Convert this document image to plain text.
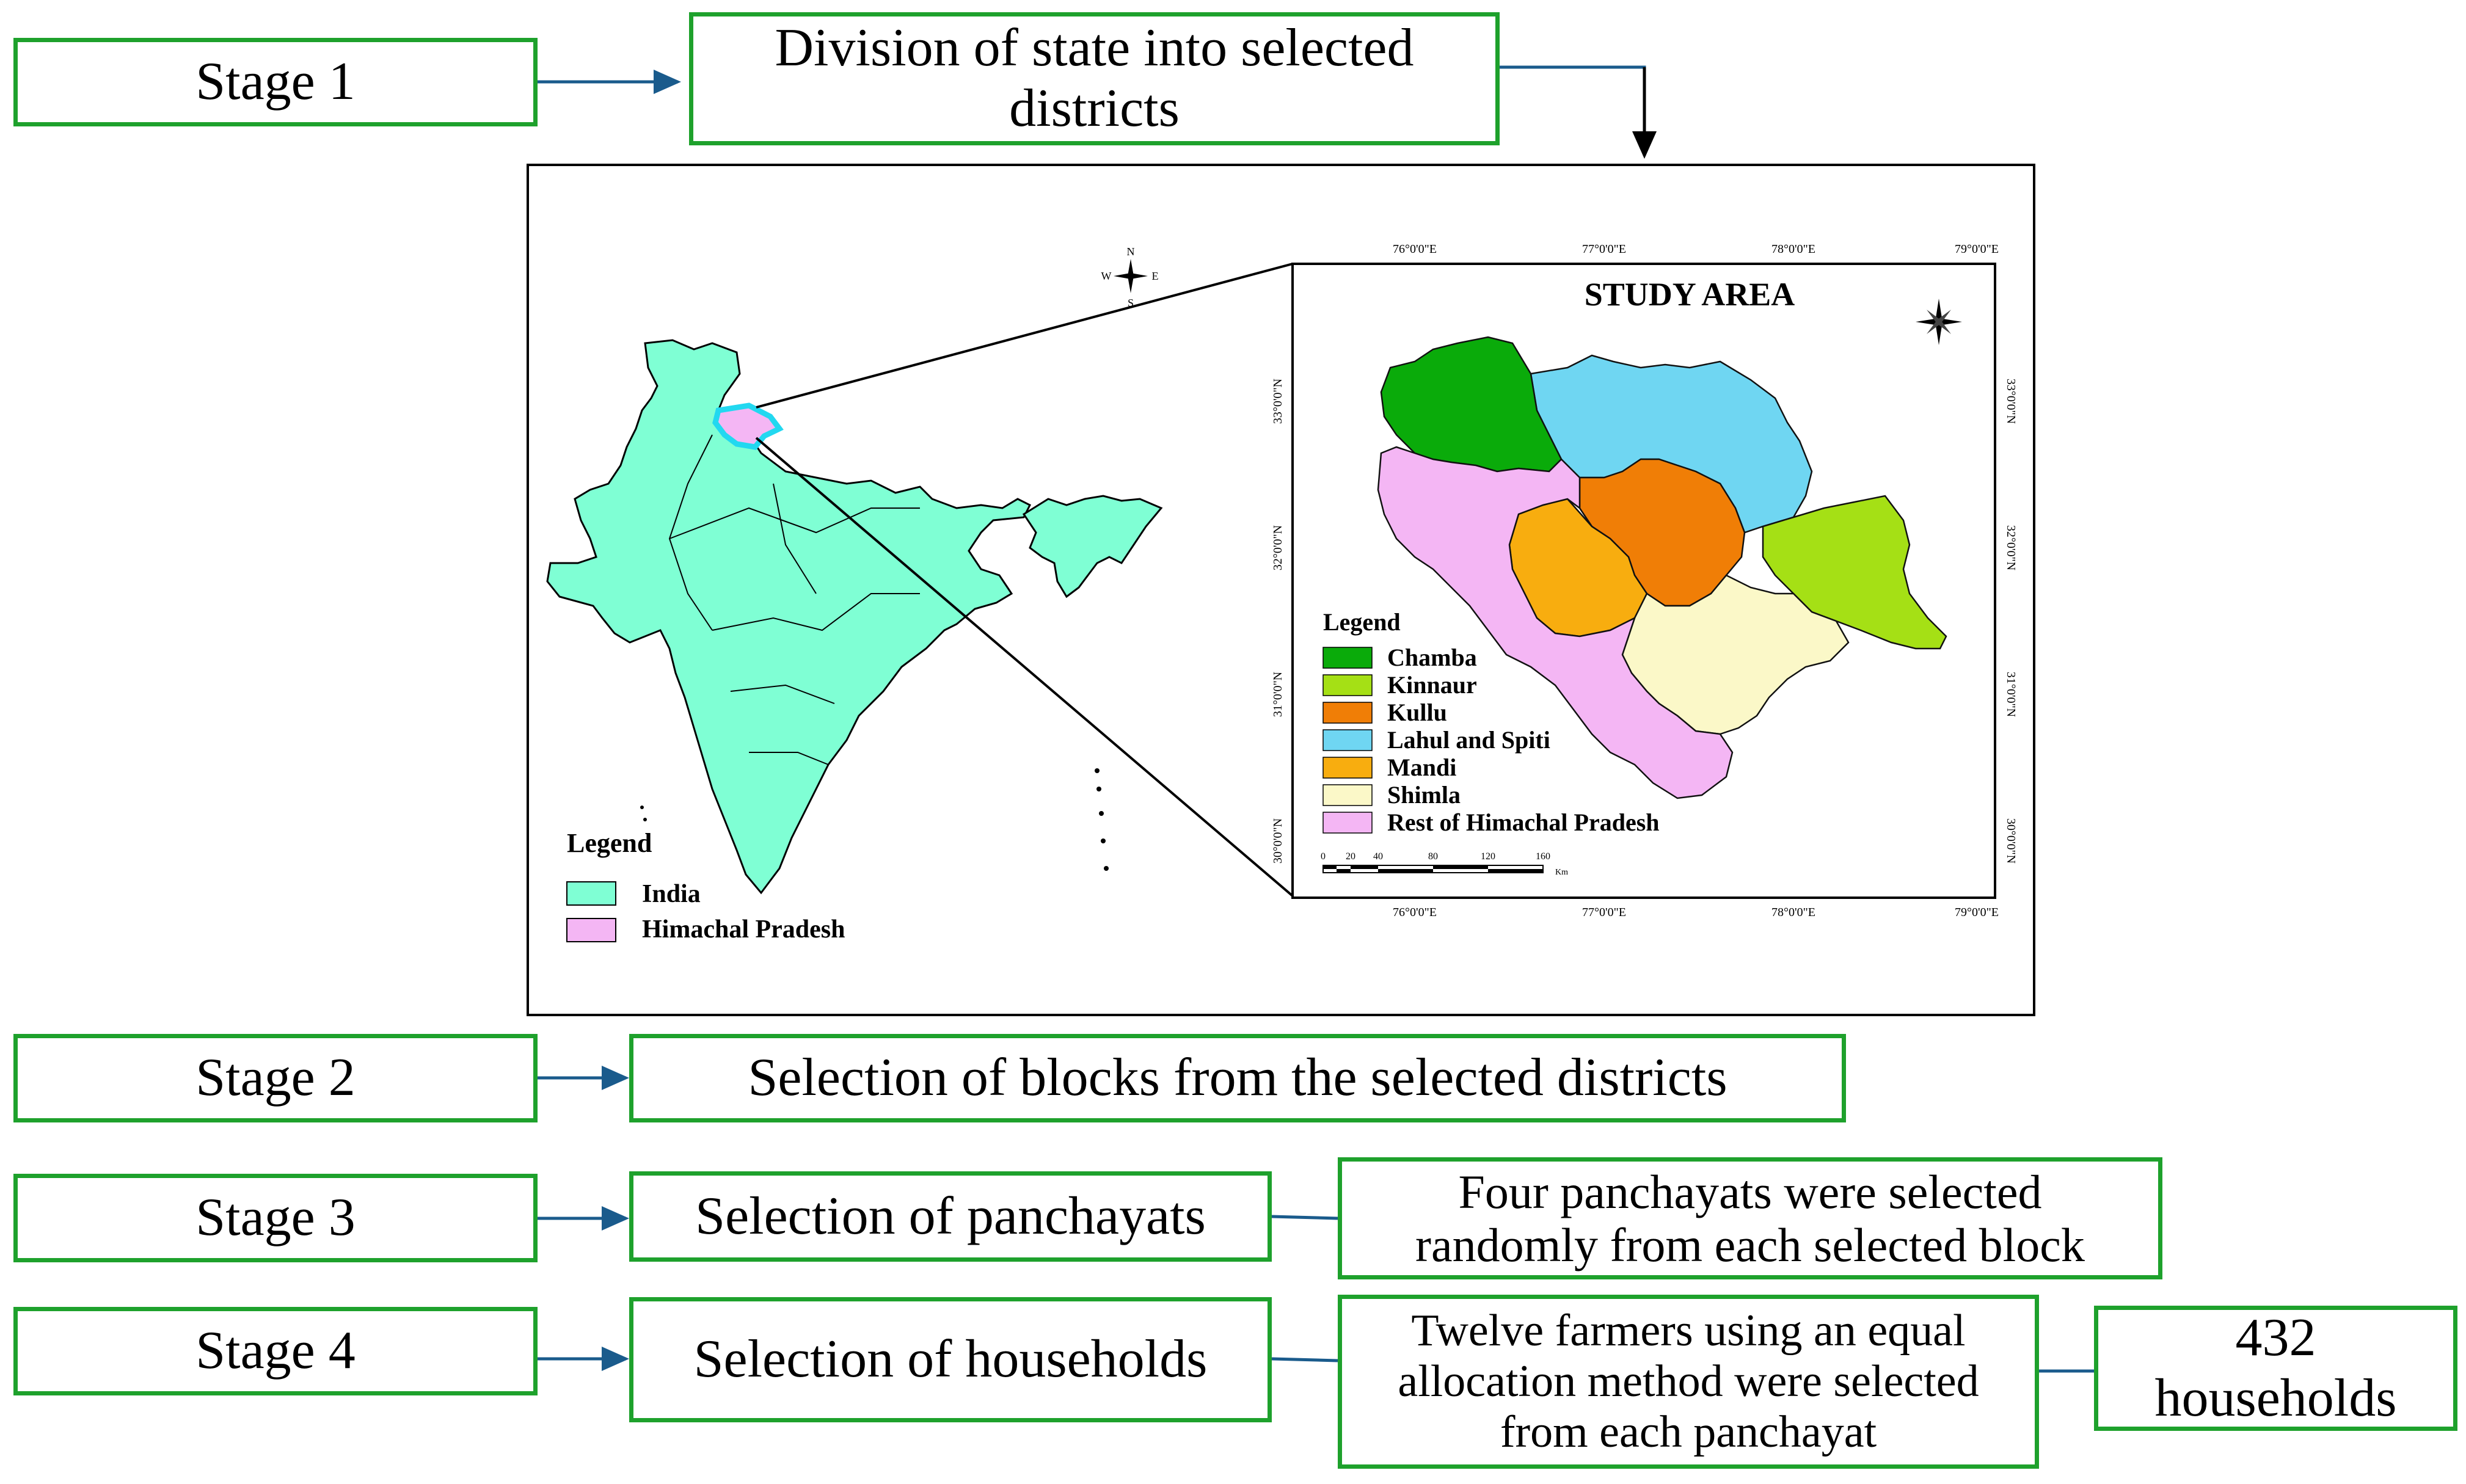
Stage 1
Stage 2
Stage 3
Stage 4
Division of state into selected districts
Selection of blocks from the selected districts
Selection of panchayats	Four panchayats were selected randomly from each selected block
Selection of households	Twelve farmers using an equal allocation method were selected from each panchayat
432 households
N
S
E
W
Legend
India
Himachal Pradesh
76°0'0"E	77°0'0"E	78°0'0"E	79°0'0"E
76°0'0"E	77°0'0"E	78°0'0"E	79°0'0"E
33°0'0"N
32°0'0"N
31°0'0"N
30°0'0"N
33°0'0"N
32°0'0"N
31°0'0"N
30°0'0"N
STUDY AREA
Legend
Chamba
Kinnaur
Kullu
Lahul and Spiti
Mandi
Shimla
Rest of Himachal Pradesh
0 20 40	80	120	160
Km
